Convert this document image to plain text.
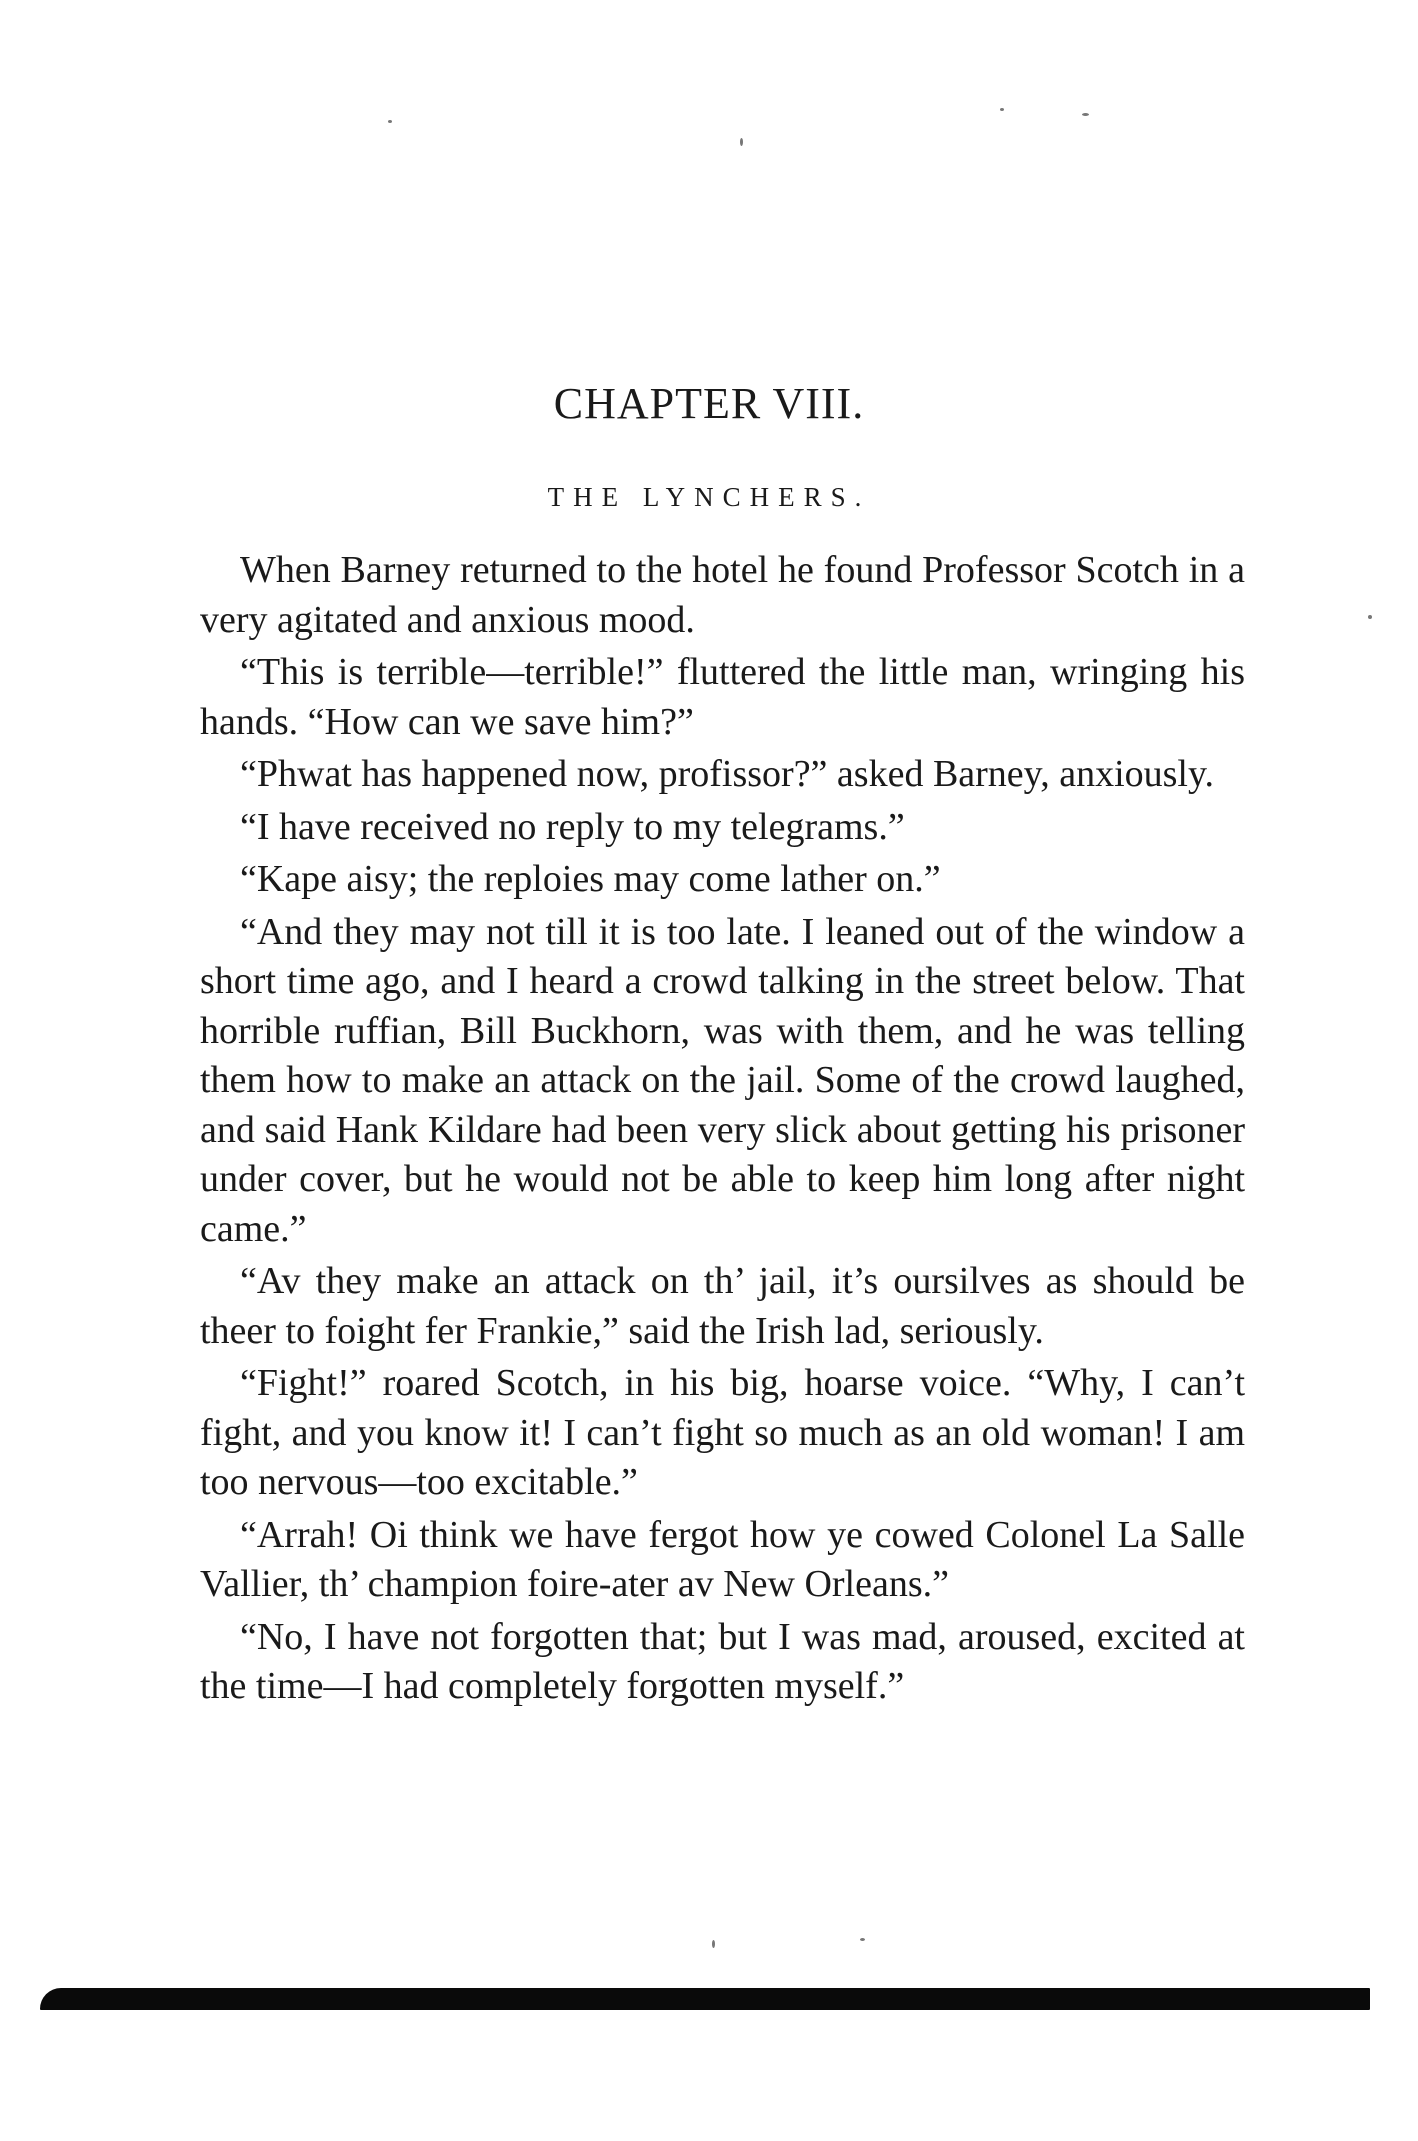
CHAPTER VIII.
THE LYNCHERS.

When Barney returned to the hotel he found Professor Scotch in a very agitated and anxious mood.

“This is terrible—terrible!” fluttered the little man, wringing his hands. “How can we save him?”

“Phwat has happened now, profissor?” asked Barney, anxiously.

“I have received no reply to my telegrams.”

“Kape aisy; the reploies may come lather on.”

“And they may not till it is too late. I leaned out of the window a short time ago, and I heard a crowd talking in the street below. That horrible ruffian, Bill Buckhorn, was with them, and he was telling them how to make an attack on the jail. Some of the crowd laughed, and said Hank Kildare had been very slick about getting his prisoner under cover, but he would not be able to keep him long after night came.”

“Av they make an attack on th’ jail, it’s oursilves as should be theer to foight fer Frankie,” said the Irish lad, seriously.

“Fight!” roared Scotch, in his big, hoarse voice. “Why, I can’t fight, and you know it! I can’t fight so much as an old woman! I am too nervous—too excitable.”

“Arrah! Oi think we have fergot how ye cowed Colonel La Salle Vallier, th’ champion foire-ater av New Orleans.”

“No, I have not forgotten that; but I was mad, aroused, excited at the time—I had completely forgotten myself.”
